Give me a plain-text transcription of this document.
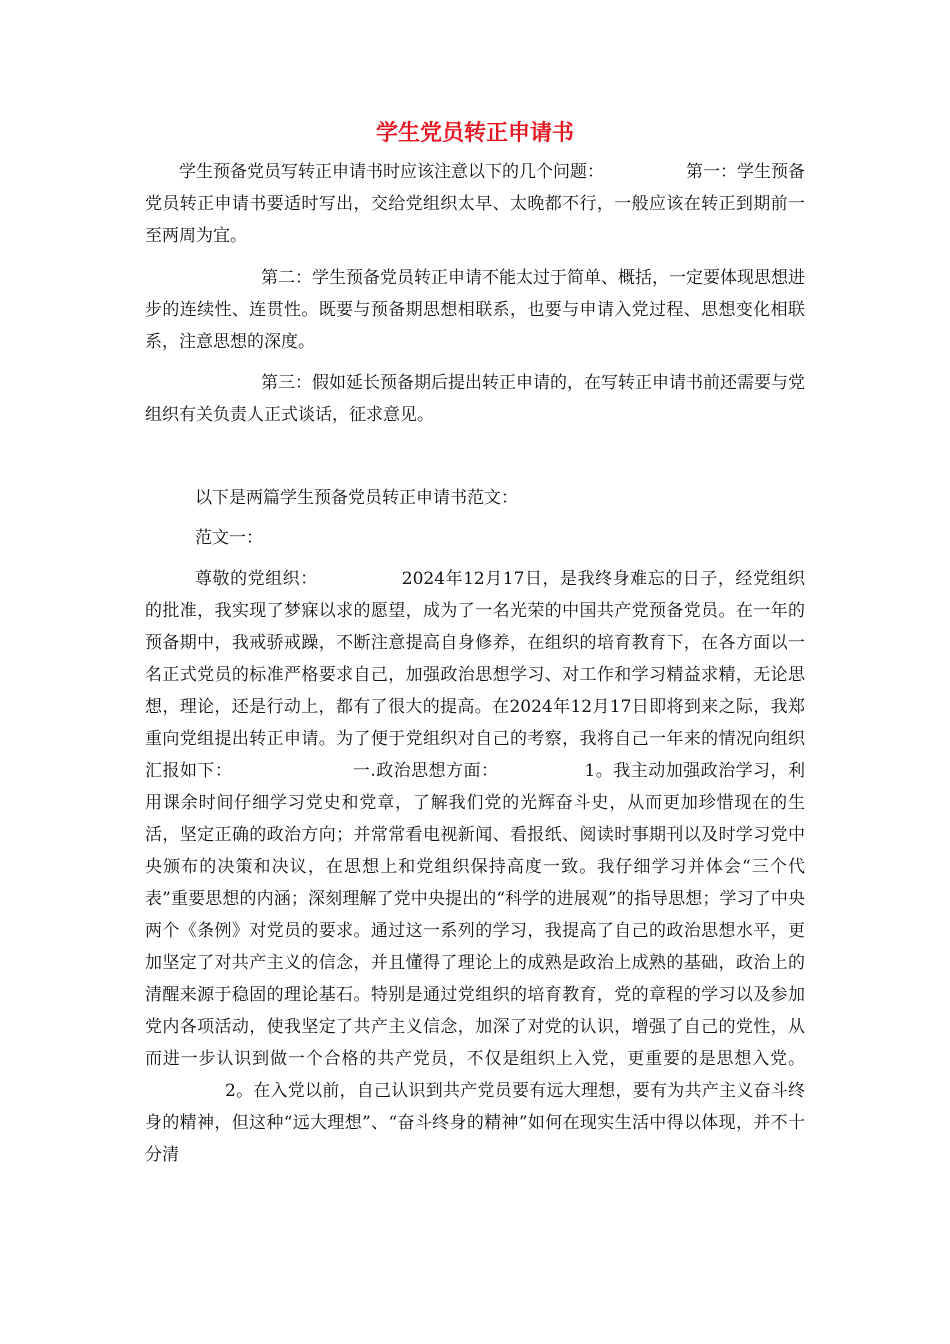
学生党员转正申请书

学生预备党员写转正申请书时应该注意以下的几个问题：	第一：学生预备党员转正申请书要适时写出，交给党组织太早、太晚都不行，一般应该在转正到期前一至两周为宜。

第二：学生预备党员转正申请不能太过于简单、概括，一定要体现思想进步的连续性、连贯性。既要与预备期思想相联系，也要与申请入党过程、思想变化相联系，注意思想的深度。

第三：假如延长预备期后提出转正申请的，在写转正申请书前还需要与党组织有关负责人正式谈话，征求意见。

以下是两篇学生预备党员转正申请书范文：

范文一：

尊敬的党组织：	2024年12月17日，是我终身难忘的日子，经党组织的批准，我实现了梦寐以求的愿望，成为了一名光荣的中国共产党预备党员。在一年的预备期中，我戒骄戒躁，不断注意提高自身修养，在组织的培育教育下，在各方面以一名正式党员的标准严格要求自己，加强政治思想学习、对工作和学习精益求精，无论思想，理论，还是行动上，都有了很大的提高。在2024年12月17日即将到来之际，我郑重向党组提出转正申请。为了便于党组织对自己的考察，我将自己一年来的情况向组织汇报如下：	一.政治思想方面：	1。我主动加强政治学习，利用课余时间仔细学习党史和党章，了解我们党的光辉奋斗史，从而更加珍惜现在的生活，坚定正确的政治方向；并常常看电视新闻、看报纸、阅读时事期刊以及时学习党中央颁布的决策和决议，在思想上和党组织保持高度一致。我仔细学习并体会“三个代表”重要思想的内涵；深刻理解了党中央提出的“科学的进展观”的指导思想；学习了中央两个《条例》对党员的要求。通过这一系列的学习，我提高了自己的政治思想水平，更加坚定了对共产主义的信念，并且懂得了理论上的成熟是政治上成熟的基础，政治上的清醒来源于稳固的理论基石。特别是通过党组织的培育教育，党的章程的学习以及参加党内各项活动，使我坚定了共产主义信念，加深了对党的认识，增强了自己的党性，从而进一步认识到做一个合格的共产党员，不仅是组织上入党，更重要的是思想入党。2。在入党以前，自己认识到共产党员要有远大理想，要有为共产主义奋斗终身的精神，但这种“远大理想”、“奋斗终身的精神”如何在现实生活中得以体现，并不十分清
